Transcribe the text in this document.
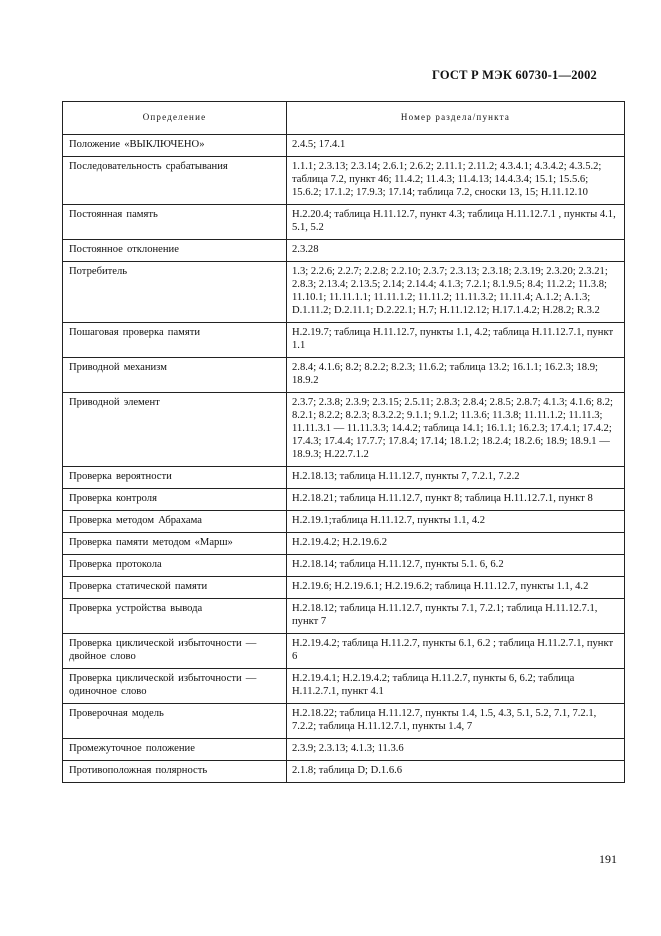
ГОСТ Р МЭК 60730-1—2002
Определение	Номер раздела/пункта
Положение «ВЫКЛЮЧЕНО»	2.4.5; 17.4.1
Последовательность срабатывания	1.1.1; 2.3.13; 2.3.14; 2.6.1; 2.6.2; 2.11.1; 2.11.2; 4.3.4.1; 4.3.4.2; 4.3.5.2; таблица 7.2, пункт 46; 11.4.2; 11.4.3; 11.4.13; 14.4.3.4; 15.1; 15.5.6; 15.6.2; 17.1.2; 17.9.3; 17.14; таблица 7.2, сноски 13, 15; H.11.12.10
Постоянная память	H.2.20.4; таблица H.11.12.7, пункт 4.3; таблица H.11.12.7.1 , пункты 4.1, 5.1, 5.2
Постоянное отклонение	2.3.28
Потребитель	1.3; 2.2.6; 2.2.7; 2.2.8; 2.2.10; 2.3.7; 2.3.13; 2.3.18; 2.3.19; 2.3.20; 2.3.21; 2.8.3; 2.13.4; 2.13.5; 2.14; 2.14.4; 4.1.3; 7.2.1; 8.1.9.5; 8.4; 11.2.2; 11.3.8; 11.10.1; 11.11.1.1; 11.11.1.2; 11.11.2; 11.11.3.2; 11.11.4; A.1.2; A.1.3; D.1.11.2; D.2.11.1; D.2.22.1; H.7; H.11.12.12; H.17.1.4.2; H.28.2; R.3.2
Пошаговая проверка памяти	H.2.19.7; таблица H.11.12.7, пункты 1.1, 4.2; таблица H.11.12.7.1, пункт 1.1
Приводной механизм	2.8.4; 4.1.6; 8.2; 8.2.2; 8.2.3; 11.6.2; таблица 13.2; 16.1.1; 16.2.3; 18.9; 18.9.2
Приводной элемент	2.3.7; 2.3.8; 2.3.9; 2.3.15; 2.5.11; 2.8.3; 2.8.4; 2.8.5; 2.8.7; 4.1.3; 4.1.6; 8.2; 8.2.1; 8.2.2; 8.2.3; 8.3.2.2; 9.1.1; 9.1.2; 11.3.6; 11.3.8; 11.11.1.2; 11.11.3; 11.11.3.1 — 11.11.3.3; 14.4.2; таблица 14.1; 16.1.1; 16.2.3; 17.4.1; 17.4.2; 17.4.3; 17.4.4; 17.7.7; 17.8.4; 17.14; 18.1.2; 18.2.4; 18.2.6; 18.9; 18.9.1 — 18.9.3; H.22.7.1.2
Проверка вероятности	H.2.18.13; таблица H.11.12.7, пункты 7, 7.2.1, 7.2.2
Проверка контроля	H.2.18.21; таблица H.11.12.7, пункт 8; таблица H.11.12.7.1, пункт 8
Проверка методом Абрахама	H.2.19.1;таблица H.11.12.7, пункты 1.1, 4.2
Проверка памяти методом «Марш»	H.2.19.4.2; H.2.19.6.2
Проверка протокола	H.2.18.14; таблица H.11.12.7, пункты 5.1. 6, 6.2
Проверка статической памяти	H.2.19.6; H.2.19.6.1; H.2.19.6.2; таблица H.11.12.7, пункты 1.1, 4.2
Проверка устройства вывода	H.2.18.12; таблица H.11.12.7, пункты 7.1, 7.2.1; таблица H.11.12.7.1, пункт 7
Проверка циклической избыточности — двойное слово	H.2.19.4.2; таблица H.11.2.7, пункты 6.1, 6.2 ; таблица H.11.2.7.1, пункт 6
Проверка циклической избыточности — одиночное слово	H.2.19.4.1; H.2.19.4.2; таблица H.11.2.7, пункты 6, 6.2; таблица H.11.2.7.1, пункт 4.1
Проверочная модель	H.2.18.22; таблица H.11.12.7, пункты 1.4, 1.5, 4.3, 5.1, 5.2, 7.1, 7.2.1, 7.2.2; таблица H.11.12.7.1, пункты 1.4, 7
Промежуточное положение	2.3.9; 2.3.13; 4.1.3; 11.3.6
Противоположная полярность	2.1.8; таблица D; D.1.6.6
191
